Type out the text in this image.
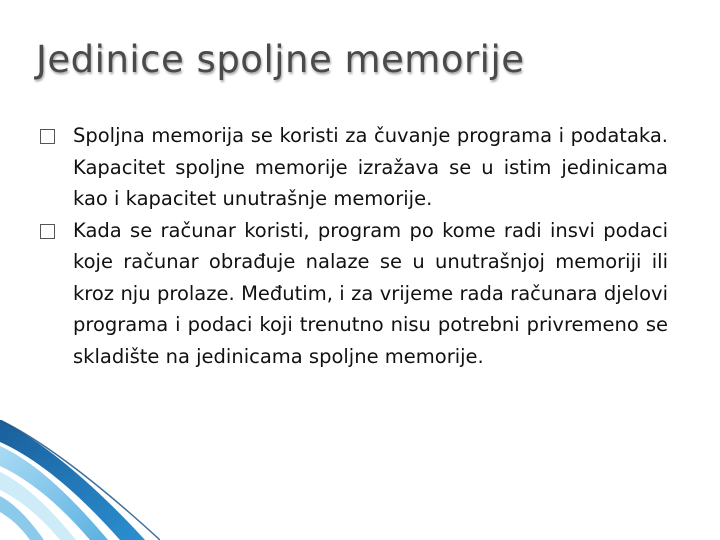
Jedinice spoljne memorije

Spoljna memorija se koristi za čuvanje programa i podataka. Kapacitet spoljne memorije izražava se u istim jedinicama kao i kapacitet unutrašnje memorije.

Kada se računar koristi, program po kome radi insvi podaci koje računar obrađuje nalaze se u unutrašnjoj memoriji ili kroz nju prolaze. Međutim, i za vrijeme rada računara djelovi programa i podaci koji trenutno nisu potrebni privremeno se skladište na jedinicama spoljne memorije.
